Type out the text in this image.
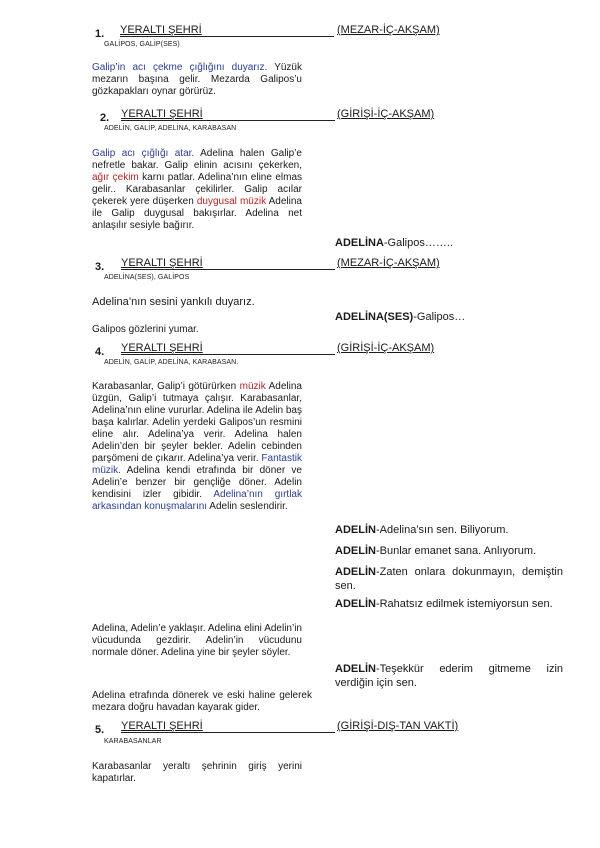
1. YERALTI ŞEHRİ	(MEZAR-İÇ-AKŞAM)
GALİPOS, GALİP(SES)
Galip’in acı çekme çığlığını duyarız. Yüzük mezarın başına gelir. Mezarda Galipos’u gözkapakları oynar görürüz.
2. YERALTI ŞEHRİ	(GİRİŞİ-İÇ-AKŞAM)
ADELİN, GALİP, ADELİNA, KARABASAN
Galip acı çığlığı atar. Adelina halen Galip’e nefretle bakar. Galip elinin acısını çekerken, ağır çekim karnı patlar. Adelina’nın eline elmas gelir.. Karabasanlar çekilirler. Galip acılar çekerek yere düşerken duygusal müzik Adelina ile Galip duygusal bakışırlar. Adelina net anlaşılır sesiyle bağırır.
ADELİNA-Galipos……..
3. YERALTI ŞEHRİ	(MEZAR-İÇ-AKŞAM)
ADELİNA(SES), GALİPOS
Adelina’nın sesini yankılı duyarız.
ADELİNA(SES)-Galipos…
Galipos gözlerini yumar.
4. YERALTI ŞEHRİ	(GİRİŞİ-İÇ-AKŞAM)
ADELİN, GALİP, ADELİNA, KARABASAN.
Karabasanlar, Galip’i götürürken müzik Adelina üzgün, Galip’i tutmaya çalışır. Karabasanlar, Adelina’nın eline vururlar. Adelina ile Adelin baş başa kalırlar. Adelin yerdeki Galipos’un resmini eline alır. Adelina’ya verir. Adelina halen Adelin’den bir şeyler bekler. Adelin cebinden parşömeni de çıkarır. Adelina’ya verir. Fantastik müzik. Adelina kendi etrafında bir döner ve Adelin’e benzer bir gençliğe döner. Adelin kendisini izler gibidir. Adelina’nın gırtlak arkasından konuşmalarını Adelin seslendirir.
ADELİN-Adelina’sın sen. Biliyorum.
ADELİN-Bunlar emanet sana. Anlıyorum.
ADELİN-Zaten onlara dokunmayın, demiştin sen.
ADELİN-Rahatsız edilmek istemiyorsun sen.
Adelina, Adelin’e yaklaşır. Adelina elini Adelin’in vücudunda gezdirir. Adelin’in vücudunu normale döner. Adelina yine bir şeyler söyler.
ADELİN-Teşekkür ederim gitmeme izin verdiğin için sen.
Adelina etrafında dönerek ve eski haline gelerek mezara doğru havadan kayarak gider.
5. YERALTI ŞEHRİ	(GİRİŞİ-DIŞ-TAN VAKTİ)
KARABASANLAR
Karabasanlar yeraltı şehrinin giriş yerini kapatırlar.
